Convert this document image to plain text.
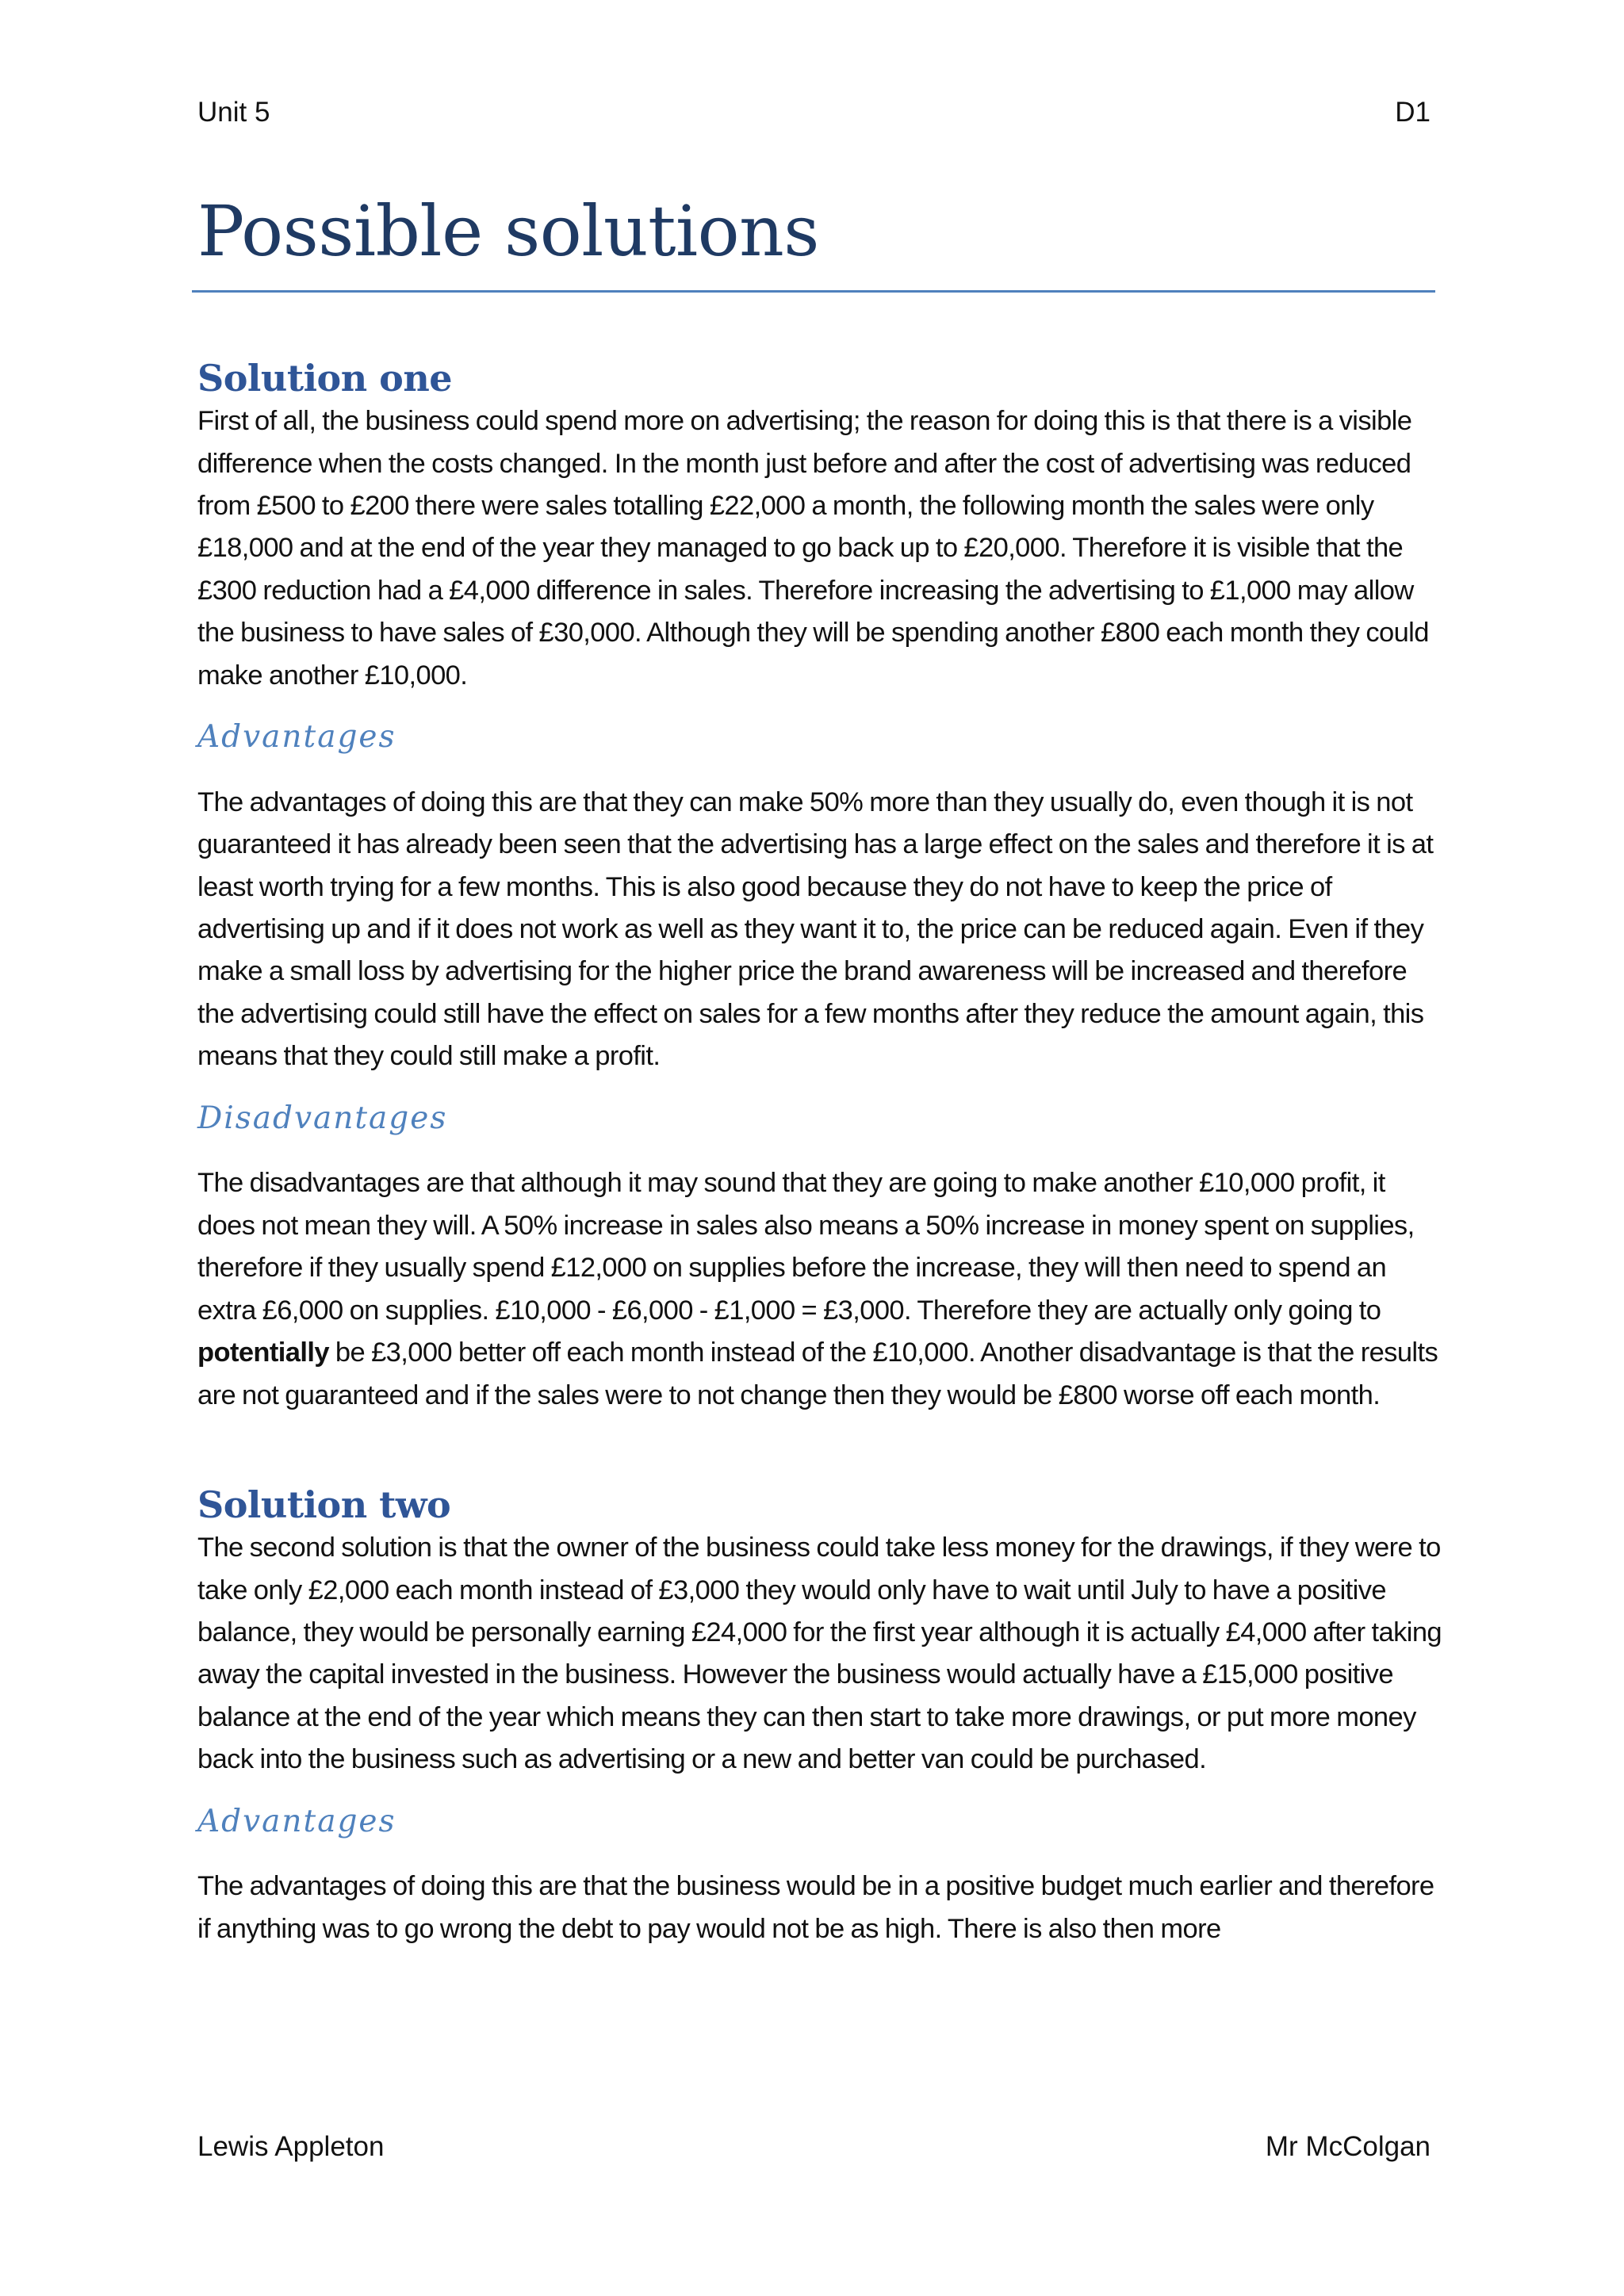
Unit 5	D1
Possible solutions
Solution one

First of all, the business could spend more on advertising; the reason for doing this is that there is a visible difference when the costs changed. In the month just before and after the cost of advertising was reduced from £500 to £200 there were sales totalling £22,000 a month, the following month the sales were only £18,000 and at the end of the year they managed to go back up to £20,000. Therefore it is visible that the £300 reduction had a £4,000 difference in sales. Therefore increasing the advertising to £1,000 may allow the business to have sales of £30,000. Although they will be spending another £800 each month they could make another £10,000.

Advantages

The advantages of doing this are that they can make 50% more than they usually do, even though it is not guaranteed it has already been seen that the advertising has a large effect on the sales and therefore it is at least worth trying for a few months. This is also good because they do not have to keep the price of advertising up and if it does not work as well as they want it to, the price can be reduced again. Even if they make a small loss by advertising for the higher price the brand awareness will be increased and therefore the advertising could still have the effect on sales for a few months after they reduce the amount again, this means that they could still make a profit.

Disadvantages

The disadvantages are that although it may sound that they are going to make another £10,000 profit, it does not mean they will. A 50% increase in sales also means a 50% increase in money spent on supplies, therefore if they usually spend £12,000 on supplies before the increase, they will then need to spend an extra £6,000 on supplies. £10,000 - £6,000 - £1,000 = £3,000. Therefore they are actually only going to potentially be £3,000 better off each month instead of the £10,000. Another disadvantage is that the results are not guaranteed and if the sales were to not change then they would be £800 worse off each month.

Solution two

The second solution is that the owner of the business could take less money for the drawings, if they were to take only £2,000 each month instead of £3,000 they would only have to wait until July to have a positive balance, they would be personally earning £24,000 for the first year although it is actually £4,000 after taking away the capital invested in the business. However the business would actually have a £15,000 positive balance at the end of the year which means they can then start to take more drawings, or put more money back into the business such as advertising or a new and better van could be purchased.

Advantages

The advantages of doing this are that the business would be in a positive budget much earlier and therefore if anything was to go wrong the debt to pay would not be as high. There is also then more

Lewis Appleton	Mr McColgan
